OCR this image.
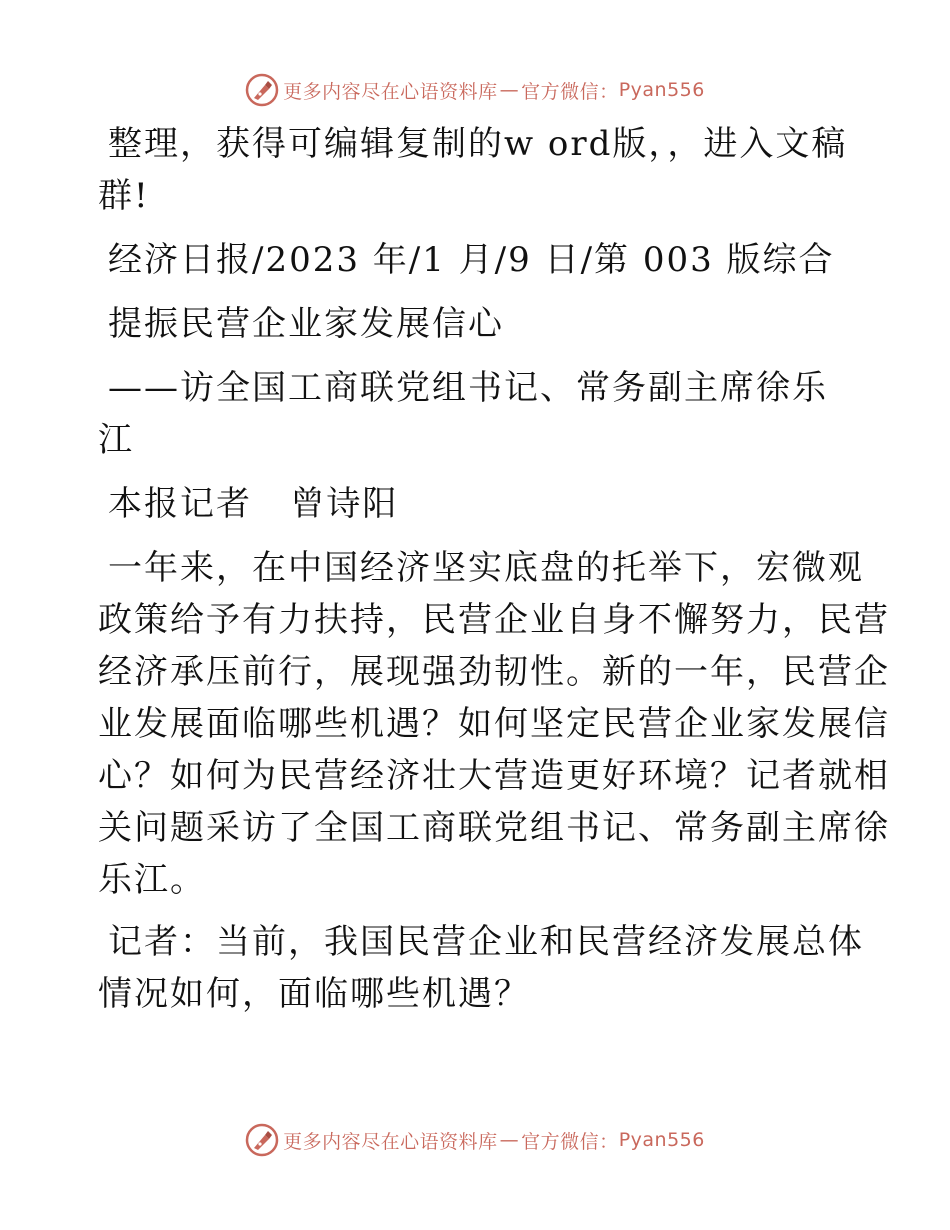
更多内容尽在心语资料库 — 官方微信： Pyan556
整理，获得可编辑复制的w ord版，，进入文稿
群!
经济日报/2023 年/1 月/9 日/第 003 版综合
提振民营企业家发展信心
——访全国工商联党组书记、常务副主席徐乐江
本报记者   曾诗阳
一年来，在中国经济坚实底盘的托举下，宏微观
政策给予有力扶持，民营企业自身不懈努力，民营
经济承压前行，展现强劲韧性。新的一年，民营企
业发展面临哪些机遇？如何坚定民营企业家发展信
心？如何为民营经济壮大营造更好环境？记者就相
关问题采访了全国工商联党组书记、常务副主席徐
乐江。
记者：当前，我国民营企业和民营经济发展总体
情况如何，面临哪些机遇？
更多内容尽在心语资料库 — 官方微信： Pyan556
